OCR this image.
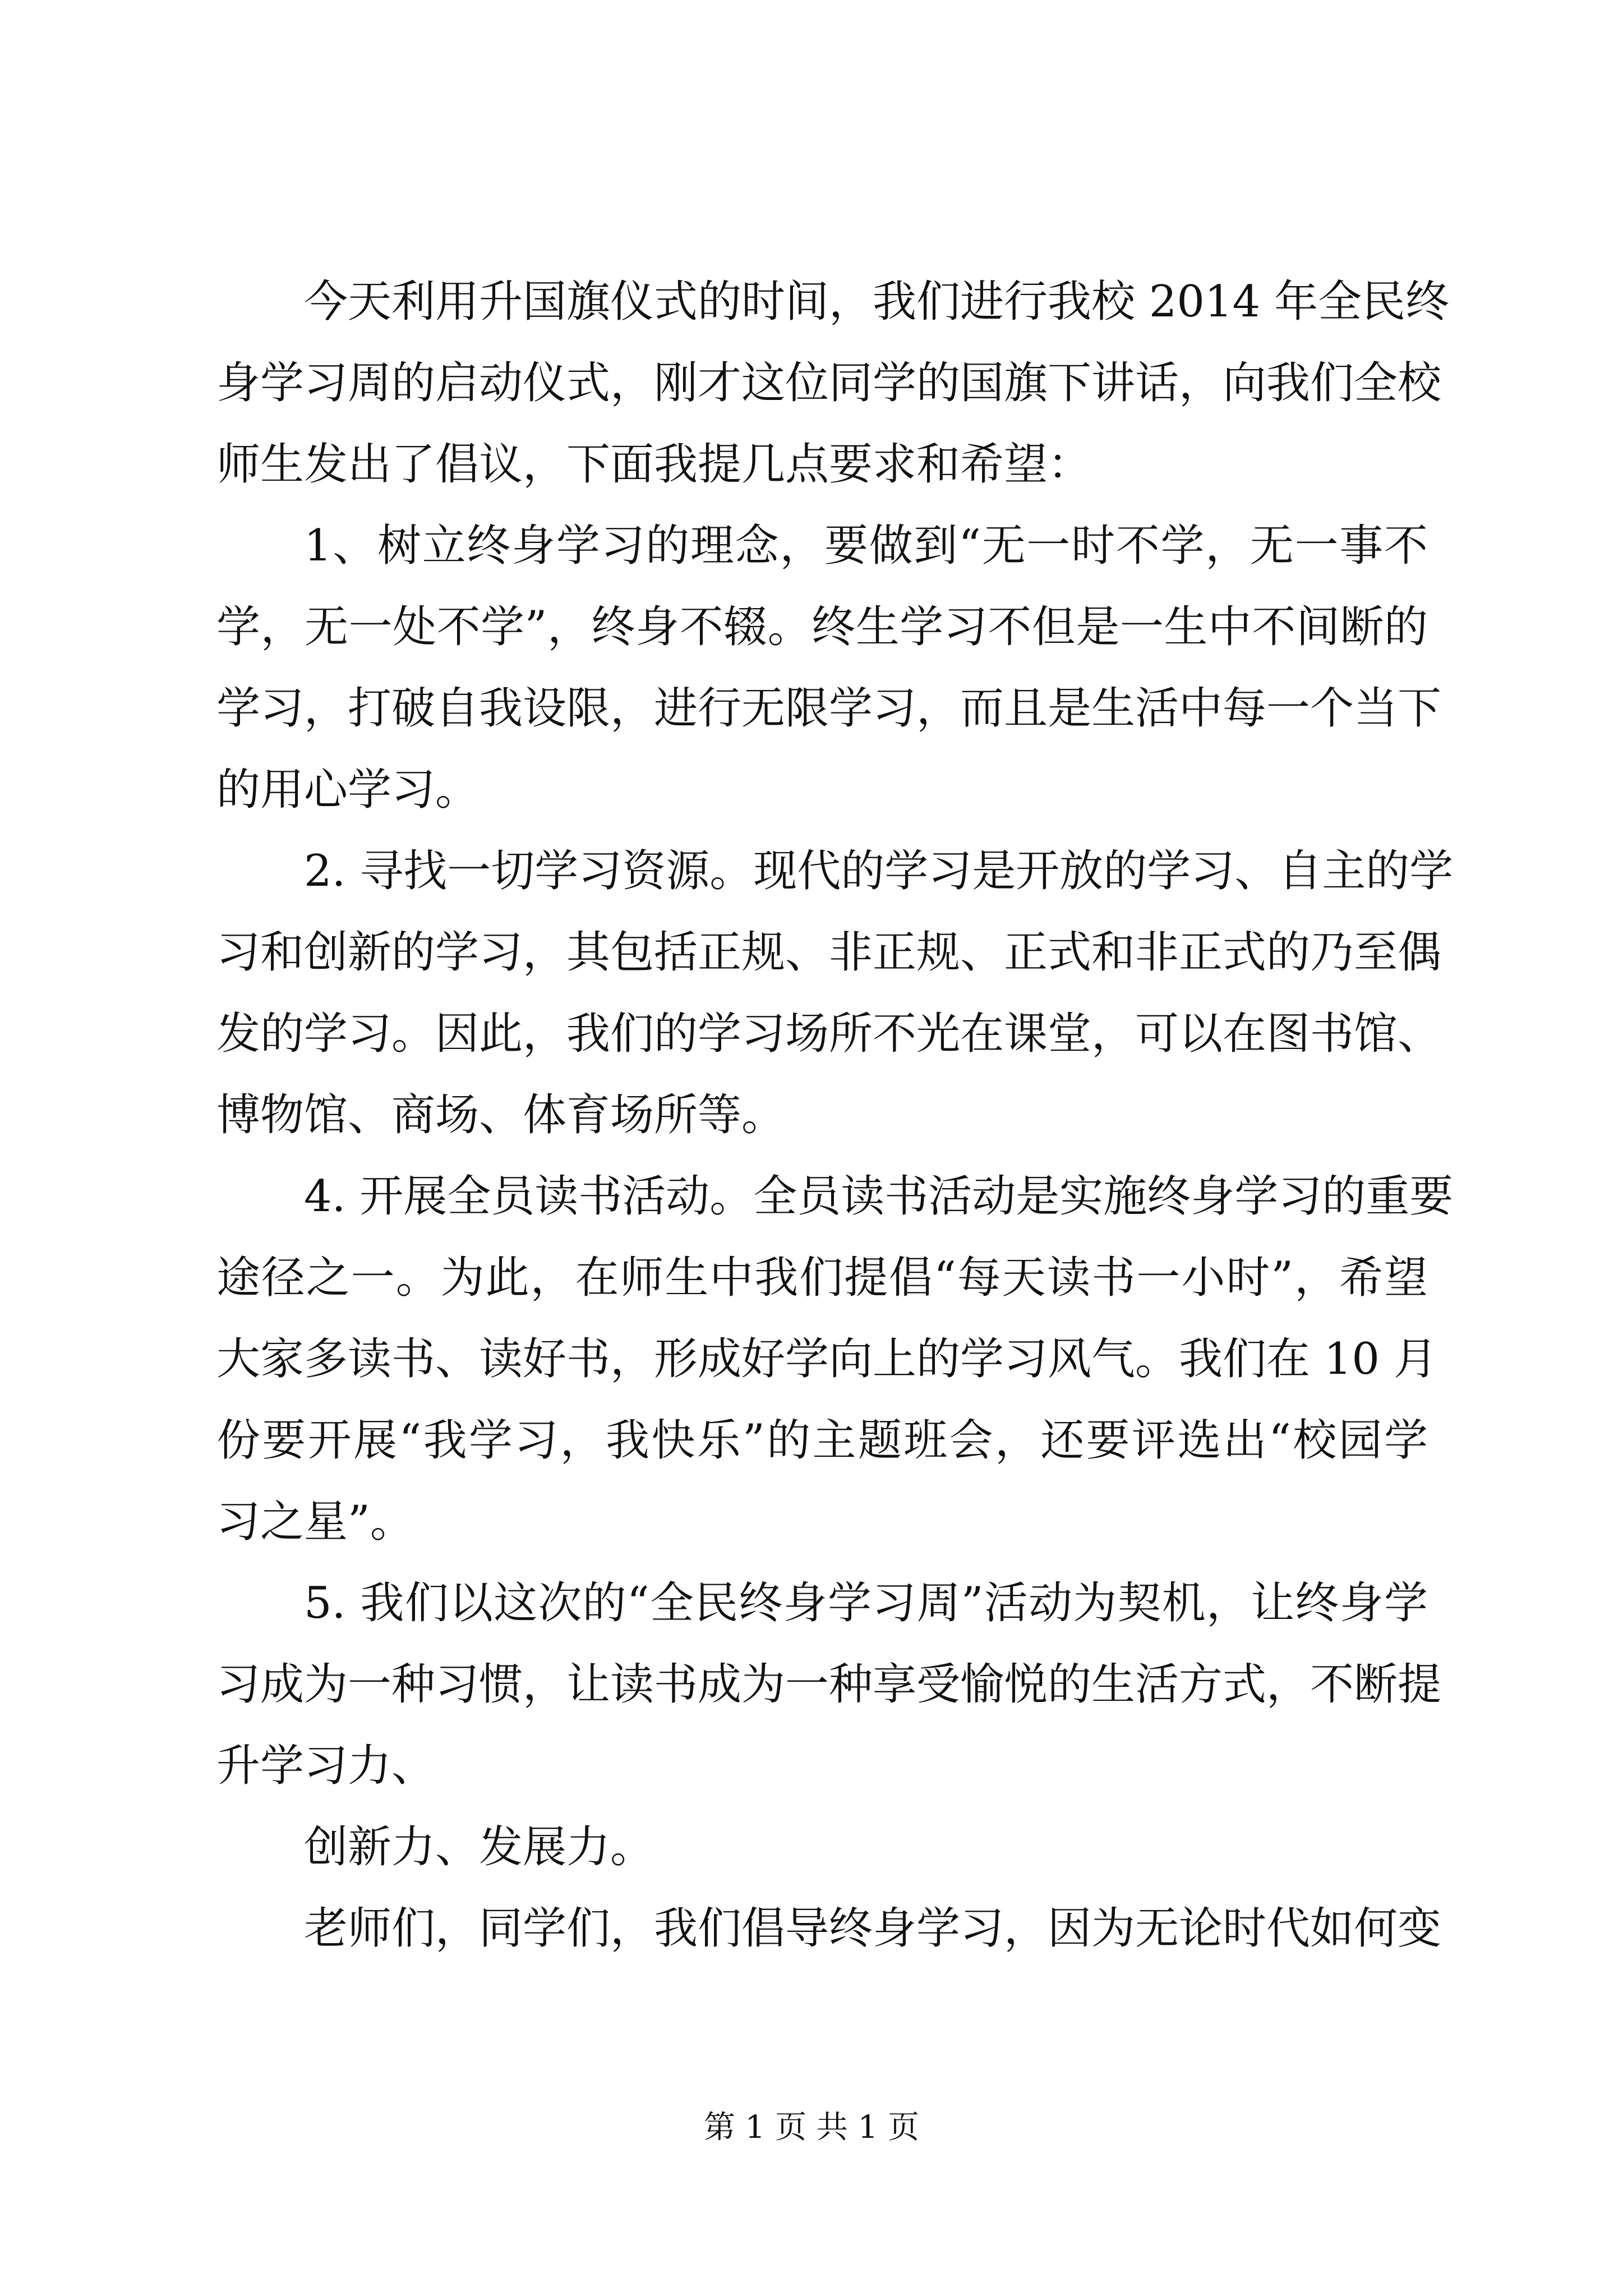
今天利用升国旗仪式的时间，我们进行我校 2014 年全民终
身学习周的启动仪式，刚才这位同学的国旗下讲话，向我们全校
师生发出了倡议，下面我提几点要求和希望：
1、树立终身学习的理念，要做到“无一时不学，无一事不
学，无一处不学”，终身不辍。终生学习不但是一生中不间断的
学习，打破自我设限，进行无限学习，而且是生活中每一个当下
的用心学习。
2. 寻找一切学习资源。现代的学习是开放的学习、自主的学
习和创新的学习，其包括正规、非正规、正式和非正式的乃至偶
发的学习。因此，我们的学习场所不光在课堂，可以在图书馆、
博物馆、商场、体育场所等。
4. 开展全员读书活动。全员读书活动是实施终身学习的重要
途径之一。为此，在师生中我们提倡“每天读书一小时”，希望
大家多读书、读好书，形成好学向上的学习风气。我们在 10 月
份要开展“我学习，我快乐”的主题班会，还要评选出“校园学
习之星”。
5. 我们以这次的“全民终身学习周”活动为契机，让终身学
习成为一种习惯，让读书成为一种享受愉悦的生活方式，不断提
升学习力、
创新力、发展力。
老师们，同学们，我们倡导终身学习，因为无论时代如何变
第 1 页 共 1 页
